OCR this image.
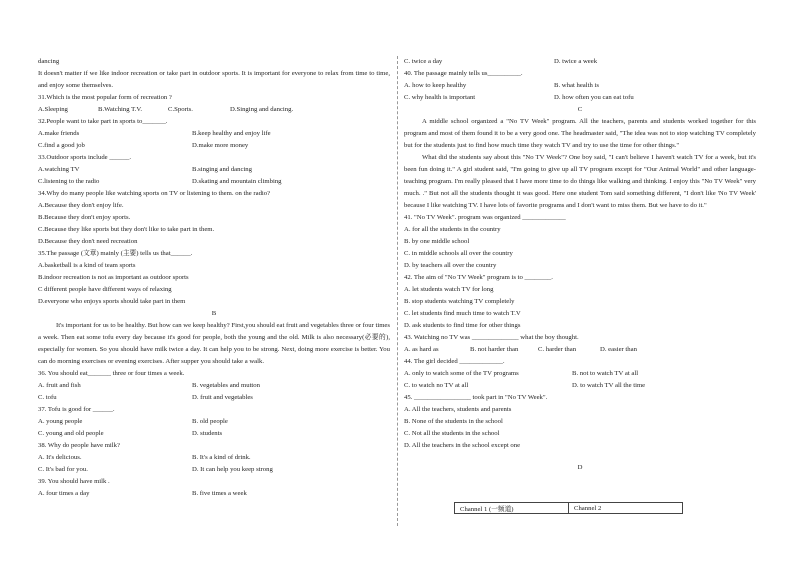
dancing
It doesn't matter if we like indoor recreation or take part in outdoor sports. It is important for everyone to relax from time to time, and enjoy some themselves.
31.Which is the most popular form of recreation ?
A.Sleeping	B.Watching T.V.	C.Sports.	D.Singing and dancing.
32.People want to take part in sports to_______.
A.make friends	B.keep healthy and enjoy life
C.find a good job	D.make more money
33.Outdoor sports include ______.
A.watching TV	B.singing and dancing
C.listening to the radio	D.skating and mountain climbing
34.Why do many people like watching sports on TV or listening to them. on the radio?
A.Because they don't enjoy life.
B.Because they don't enjoy sports.
C.Because they like sports but they don't like to take part in them.
D.Because they don't need recreation
35.The passage (文章) mainly (主要) tells us that______.
A.basketball is a kind of team sports
B.indoor recreation is not as important as outdoor sports
C different people have different ways of relaxing
D.everyone who enjoys sports should take part in them
B
It's important for us to be healthy. But how can we keep healthy? First,you should eat fruit and vegetables three or four times a week. Then eat some tofu every day because it's good for people, both the young and the old. Milk is also necessary(必要的), especially for women. So you should have milk twice a day. It can help you to be strong. Next, doing more exercise is better. You can do morning exercises or evening exercises. After supper you should take a walk.
36. You should eat_______ three or four times a week.
A. fruit and fish	B. vegetables and mutton
C. tofu	D. fruit and vegetables
37. Tofu is good for ______.
A. young people	B. old people
C. young and old people	D. students
38. Why do people have milk?
A. It's delicious.	B. It's a kind of drink.
C. It's bad for you.	D. It can help you keep strong
39. You should have milk .
A. four times a day	B. five times a week
C. twice a day	D. twice a week
40. The passage mainly tells us__________.
A. how to keep healthy	B. what health is
C. why health is important	D. how often you can eat tofu
C
A middle school organized a "No TV Week" program. All the teachers, parents and students worked together for this program and most of them found it to be a very good one. The headmaster said, "The idea was not to stop watching TV completely but for the students just to find how much time they watch TV and try to use the time for other things."
What did the students say about this "No TV Week"? One boy said, "I can't believe I haven't watch TV for a week, but it's been fun doing it." A girl student said, "I'm going to give up all TV program except for "Our Animal World" and other language-teaching program. I'm really pleased that I have more time to do things like walking and thinking. I enjoy this "No TV Week" very much. ." But not all the students thought it was good. Here one student Tom said something different, "I don't like 'No TV Week' because I like watching TV. I have lots of favorite programs and I don't want to miss them. But we have to do it."
41. "No TV Week". program was organized _____________
A. for all the students in the country
B. by one middle school
C. in middle schools all over the country
D. by teachers all over the country
42. The aim of "No TV Week" program is to ________.
A. let students watch TV for long
B. stop students watching TV completely
C. let students find much time to watch T.V
D. ask students to find time for other things
43. Watching no TV was ______________ what the boy thought.
A. as hard as	B. not harder than	C. harder than	D. easier than
44. The girl decided _____________.
A. only to watch some of the TV programs	B. not to watch TV at all
C. to watch no TV at all	D. to watch TV all the time
45. _________________ took part in "No TV Week".
A. All the teachers, students and parents
B. None of the students in the school
C. Not all the students in the school
D. All the teachers in the school except one
D
Channel 1 (一频道)	Channel 2
